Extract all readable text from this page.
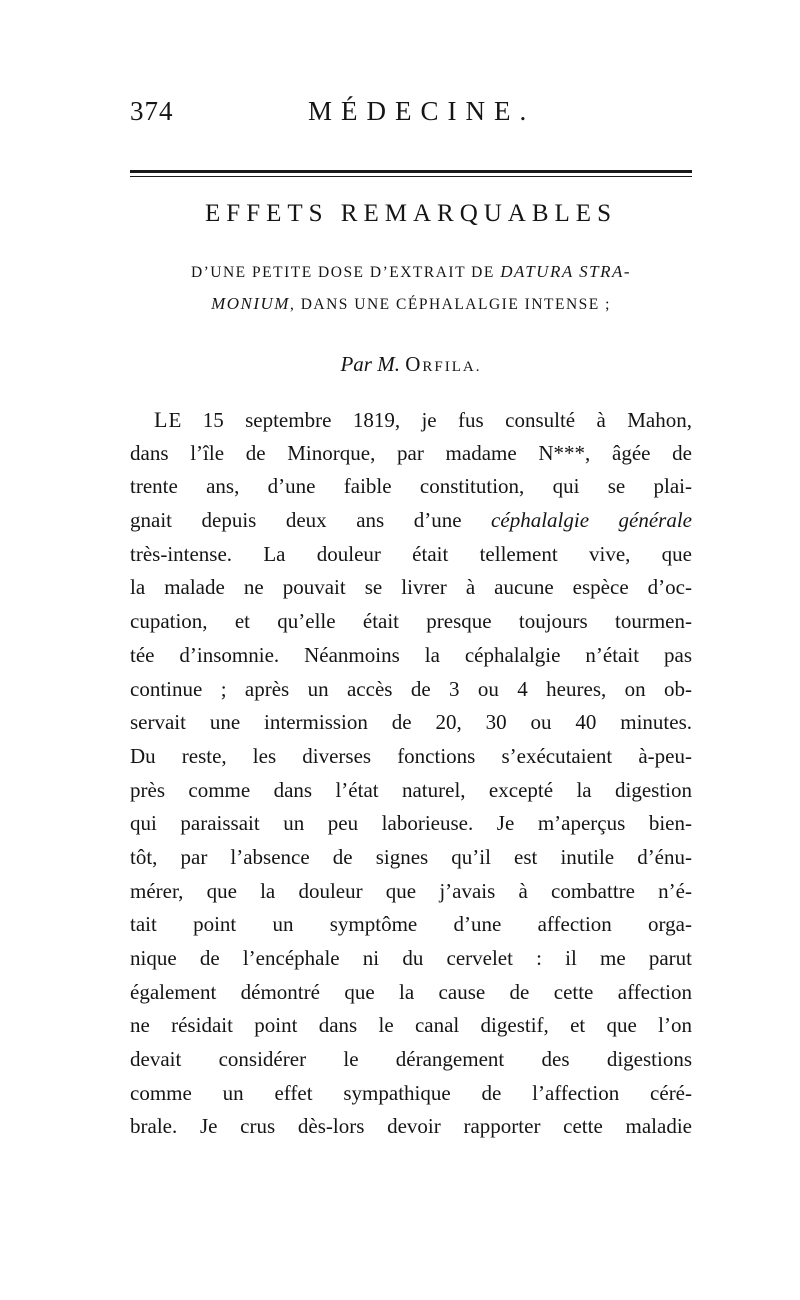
374	MÉDECINE.
EFFETS REMARQUABLES
D’UNE PETITE DOSE D’EXTRAIT DE DATURA STRA-
MONIUM, DANS UNE CÉPHALALGIE INTENSE ;
Par M. ORFILA.
LE 15 septembre 1819, je fus consulté à Mahon,
dans l’île de Minorque, par madame N***, âgée de
trente ans, d’une faible constitution, qui se plai-
gnait depuis deux ans d’une céphalalgie générale
très-intense. La douleur était tellement vive, que
la malade ne pouvait se livrer à aucune espèce d’oc-
cupation, et qu’elle était presque toujours tourmen-
tée d’insomnie. Néanmoins la céphalalgie n’était pas
continue ; après un accès de 3 ou 4 heures, on ob-
servait une intermission de 20, 30 ou 40 minutes.
Du reste, les diverses fonctions s’exécutaient à-peu-
près comme dans l’état naturel, excepté la digestion
qui paraissait un peu laborieuse. Je m’aperçus bien-
tôt, par l’absence de signes qu’il est inutile d’énu-
mérer, que la douleur que j’avais à combattre n’é-
tait point un symptôme d’une affection orga-
nique de l’encéphale ni du cervelet : il me parut
également démontré que la cause de cette affection
ne résidait point dans le canal digestif, et que l’on
devait considérer le dérangement des digestions
comme un effet sympathique de l’affection céré-
brale. Je crus dès-lors devoir rapporter cette maladie
